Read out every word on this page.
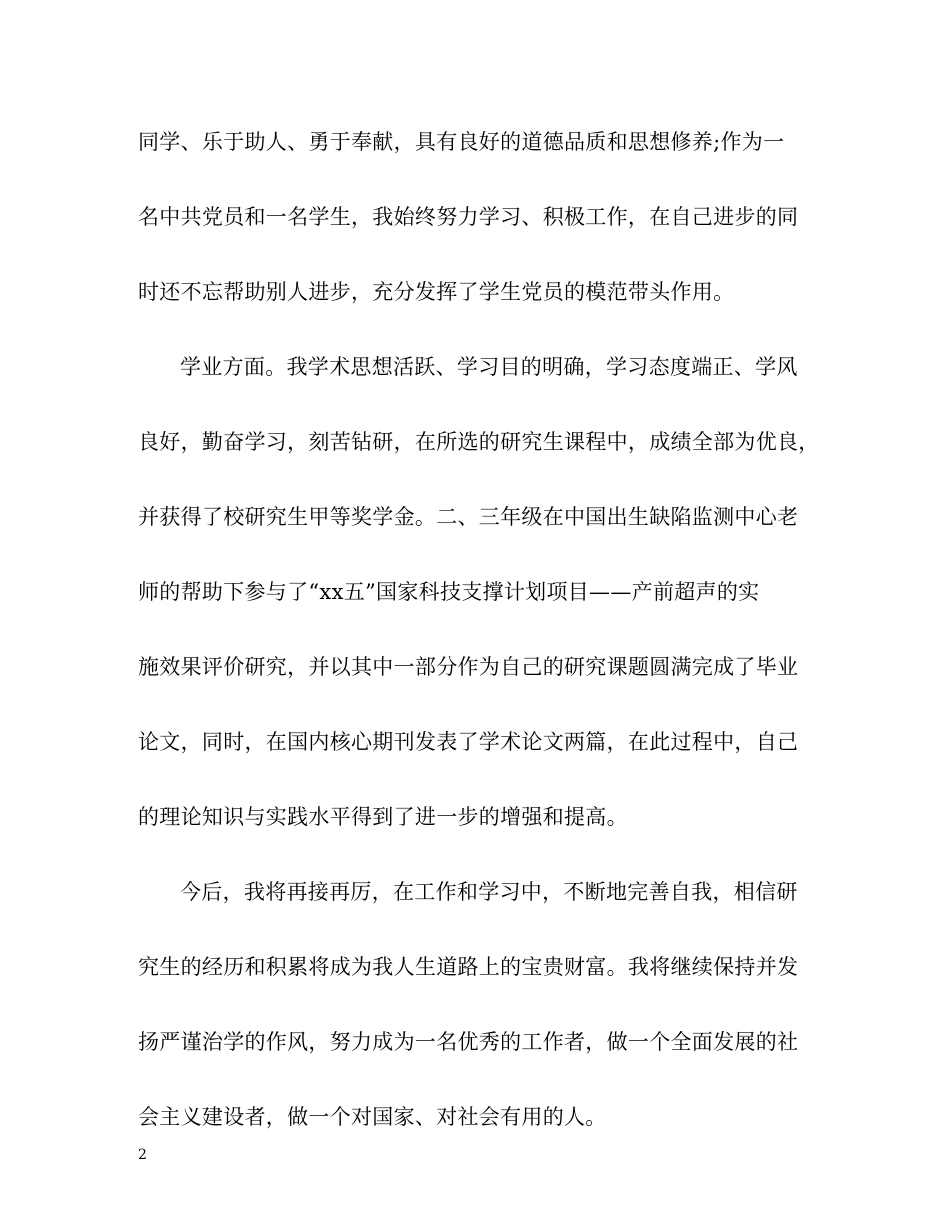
同学、乐于助人、勇于奉献，具有良好的道德品质和思想修养;作为一
名中共党员和一名学生，我始终努力学习、积极工作，在自己进步的同
时还不忘帮助别人进步，充分发挥了学生党员的模范带头作用。
学业方面。我学术思想活跃、学习目的明确，学习态度端正、学风
良好，勤奋学习，刻苦钻研，在所选的研究生课程中，成绩全部为优良，
并获得了校研究生甲等奖学金。二、三年级在中国出生缺陷监测中心老
师的帮助下参与了“xx五”国家科技支撑计划项目——产前超声的实
施效果评价研究，并以其中一部分作为自己的研究课题圆满完成了毕业
论文，同时，在国内核心期刊发表了学术论文两篇，在此过程中，自己
的理论知识与实践水平得到了进一步的增强和提高。
今后，我将再接再厉，在工作和学习中，不断地完善自我，相信研
究生的经历和积累将成为我人生道路上的宝贵财富。我将继续保持并发
扬严谨治学的作风，努力成为一名优秀的工作者，做一个全面发展的社
会主义建设者，做一个对国家、对社会有用的人。
2
